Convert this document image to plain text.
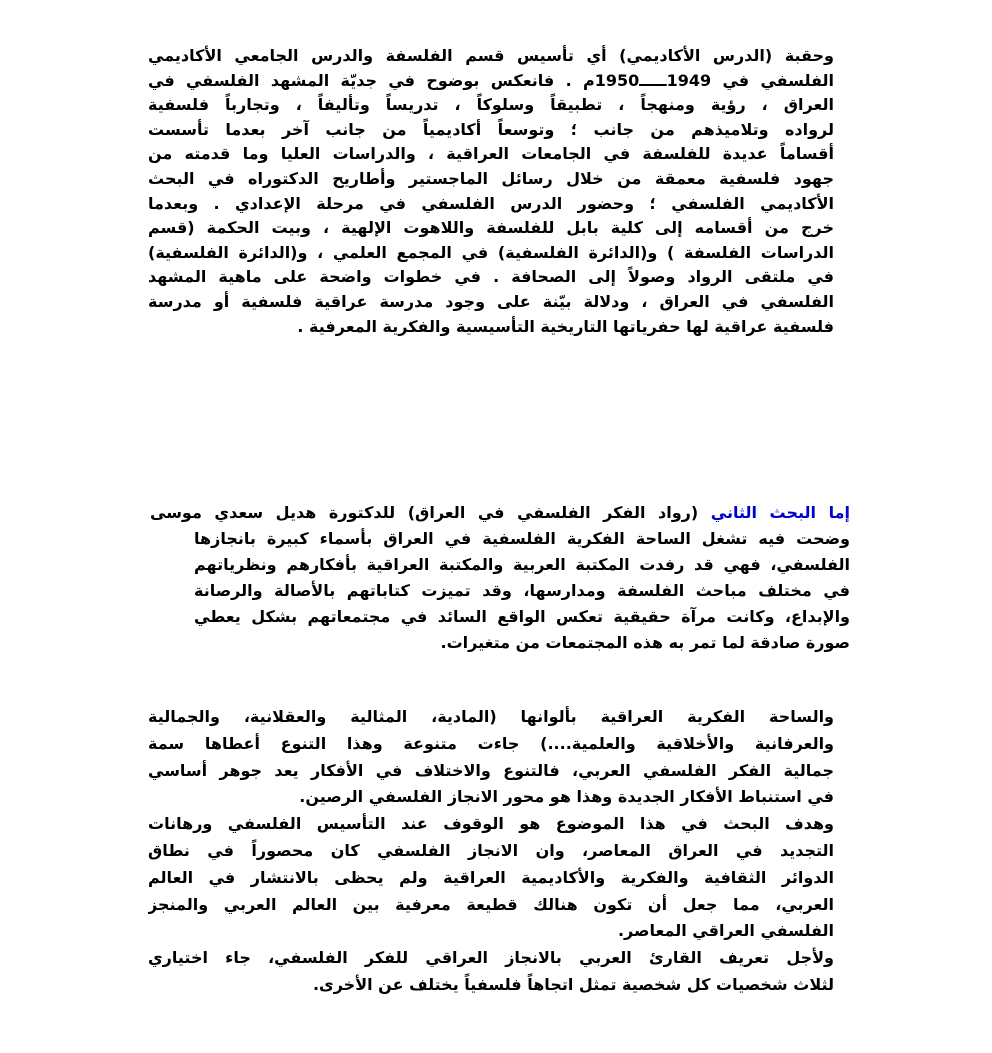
وحقبة (الدرس الأكاديمي) أي تأسيس قسم الفلسفة والدرس الجامعي الأكاديمي
الفلسفي في 1949ـــــ1950م . فانعكس بوضوح في جديّة المشهد الفلسفي في
العراق ، رؤية ومنهجاً ، تطبيقاً وسلوكاً ، تدريساً وتأليفاً ، وتجارباً فلسفية
لرواده وتلاميذهم من جانب ؛ وتوسعاً أكاديمياً من جانب آخر بعدما تأسست
أقساماً عديدة للفلسفة في الجامعات العراقية ، والدراسات العليا وما قدمته من
جهود فلسفية معمقة من خلال رسائل الماجستير وأطاريح الدكتوراه في البحث
الأكاديمي الفلسفي ؛ وحضور الدرس الفلسفي في مرحلة الإعدادي . وبعدما
خرج من أقسامه إلى كلية بابل للفلسفة واللاهوت الإلهية ، وبيت الحكمة (قسم
الدراسات الفلسفة ) و(الدائرة الفلسفية) في المجمع العلمي ، و(الدائرة الفلسفية)
في ملتقى الرواد وصولاً إلى الصحافة . في خطوات واضحة على ماهية المشهد
الفلسفي في العراق ، ودلالة بيّنة على وجود مدرسة عراقية فلسفية أو مدرسة
فلسفية عراقية لها حفرياتها التاريخية التأسيسية والفكرية المعرفية .
إما البحث الثاني (رواد الفكر الفلسفي في العراق) للدكتورة هديل سعدي موسى
وضحت فيه تشغل الساحة الفكرية الفلسفية في العراق بأسماء كبيرة بانجازها
الفلسفي، فهي قد رفدت المكتبة العربية والمكتبة العراقية بأفكارهم ونظرياتهم
في مختلف مباحث الفلسفة ومدارسها، وقد تميزت كتاباتهم بالأصالة والرصانة
والإبداع، وكانت مرآة حقيقية تعكس الواقع السائد في مجتمعاتهم بشكل يعطي
صورة صادقة لما تمر به هذه المجتمعات من متغيرات.
والساحة الفكرية العراقية بألوانها (المادية، المثالية والعقلانية، والجمالية
والعرفانية والأخلاقية والعلمية....) جاءت متنوعة وهذا التنوع أعطاها سمة
جمالية الفكر الفلسفي العربي، فالتنوع والاختلاف في الأفكار يعد جوهر أساسي
في استنباط الأفكار الجديدة وهذا هو محور الانجاز الفلسفي الرصين.
وهدف البحث في هذا الموضوع هو الوقوف عند التأسيس الفلسفي ورهانات
التجديد في العراق المعاصر، وان الانجاز الفلسفي كان محصوراً في نطاق
الدوائر الثقافية والفكرية والأكاديمية العراقية ولم يحظى بالانتشار في العالم
العربي، مما جعل أن تكون هنالك قطيعة معرفية بين العالم العربي والمنجز
الفلسفي العراقي المعاصر.
ولأجل تعريف القارئ العربي بالانجاز العراقي للفكر الفلسفي، جاء اختياري
لثلاث شخصيات كل شخصية تمثل اتجاهاً فلسفياً يختلف عن الأخرى.
